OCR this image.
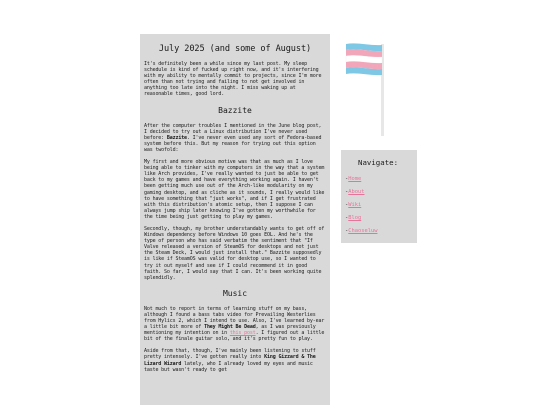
July 2025 (and some of August)

It's definitely been a while since my last post. My sleep schedule is kind of fucked up right now, and it's interfering with my ability to mentally commit to projects, since I'm more often than not trying and failing to not get involved in anything too late into the night. I miss waking up at reasonable times, good lord.

Bazzite

After the computer troubles I mentioned in the June blog post, I decided to try out a Linux distribution I've never used before: Bazzite. I've never even used any sort of Fedora-based system before this. But my reason for trying out this option was twofold:

My first and more obvious motive was that as much as I love being able to tinker with my computers in the way that a system like Arch provides, I've really wanted to just be able to get back to my games and have everything working again. I haven't been getting much use out of the Arch-like modularity on my gaming desktop, and as cliche as it sounds, I really would like to have something that "just works", and if I get frustrated with this distribution's atomic setup, then I suppose I can always jump ship later knowing I've gotten my worthwhile for the time being just getting to play my games.

Secondly, though, my brother understandably wants to get off of Windows dependency before Windows 10 goes EOL. And he's the type of person who has said verbatim the sentiment that "If Valve released a version of SteamOS for desktops and not just the Steam Deck, I would just install that." Bazzite supposedly is like if SteamOS was valid for desktop use, so I wanted to try it out myself and see if I could recommend it in good faith. So far, I would say that I can. It's been working quite splendidly.

Music

Not much to report in terms of learning stuff on my bass, although I found a bass tabs video for Prevailing Westerlies from Hylics 2, which I intend to use. Also, I've learned by-ear a little bit more of They Might Be Dead, as I was previously mentioning my intention on in this post. I figured out a little bit of the finale guitar solo, and it's pretty fun to play.

Aside from that, though, I've mainly been listening to stuff pretty intensely. I've gotten really into King Gizzard & The Lizard Wizard lately, who I already loved my eyes and music taste but wasn't ready to get

Navigate:
-Home
-About
-Wiki
-Blog
-Chaoseluw
